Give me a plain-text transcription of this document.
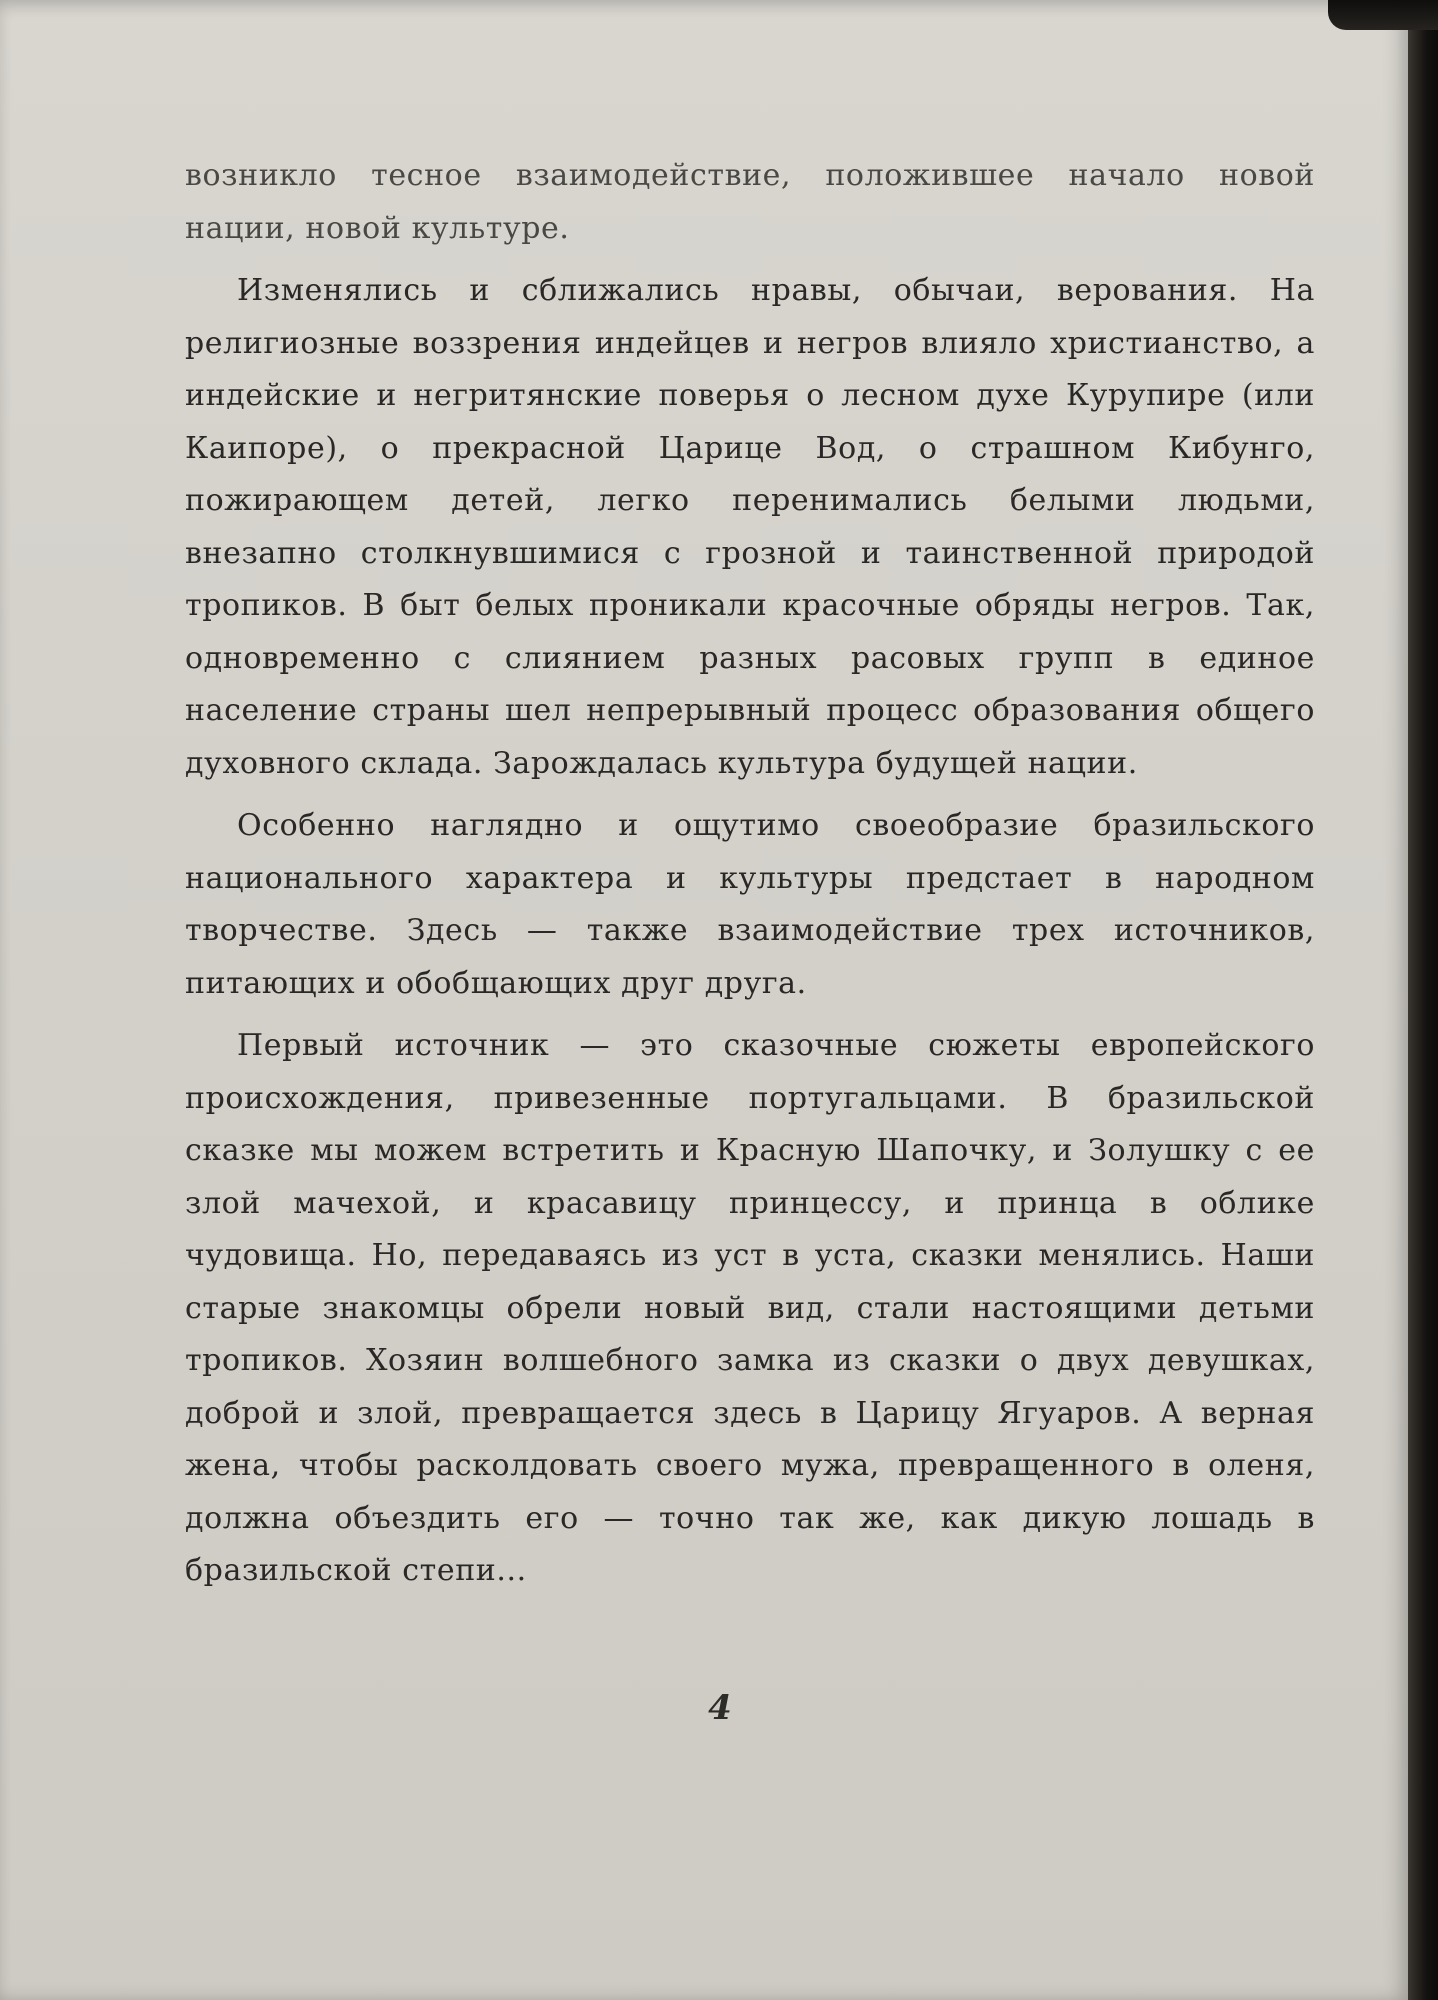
возникло тесное взаимодействие, положившее начало новой нации, новой культуре.

Изменялись и сближались нравы, обычаи, верования. На религиозные воззрения индейцев и негров влияло христианство, а индейские и негритянские поверья о лесном духе Курупире (или Каипоре), о прекрасной Царице Вод, о страшном Кибунго, пожирающем детей, легко перенимались белыми людьми, внезапно столкнувшимися с грозной и таинственной природой тропиков. В быт белых проникали красочные обряды негров. Так, одновременно с слиянием разных расовых групп в единое население страны шел непрерывный процесс образования общего духовного склада. Зарождалась культура будущей нации.

Особенно наглядно и ощутимо своеобразие бразильского национального характера и культуры предстает в народном творчестве. Здесь — также взаимодействие трех источников, питающих и обобщающих друг друга.

Первый источник — это сказочные сюжеты европейского происхождения, привезенные португальцами. В бразильской сказке мы можем встретить и Красную Шапочку, и Золушку с ее злой мачехой, и красавицу принцессу, и принца в облике чудовища. Но, передаваясь из уст в уста, сказки менялись. Наши старые знакомцы обрели новый вид, стали настоящими детьми тропиков. Хозяин волшебного замка из сказки о двух девушках, доброй и злой, превращается здесь в Царицу Ягуаров. А верная жена, чтобы расколдовать своего мужа, превращенного в оленя, должна объездить его — точно так же, как дикую лошадь в бразильской степи...

4
